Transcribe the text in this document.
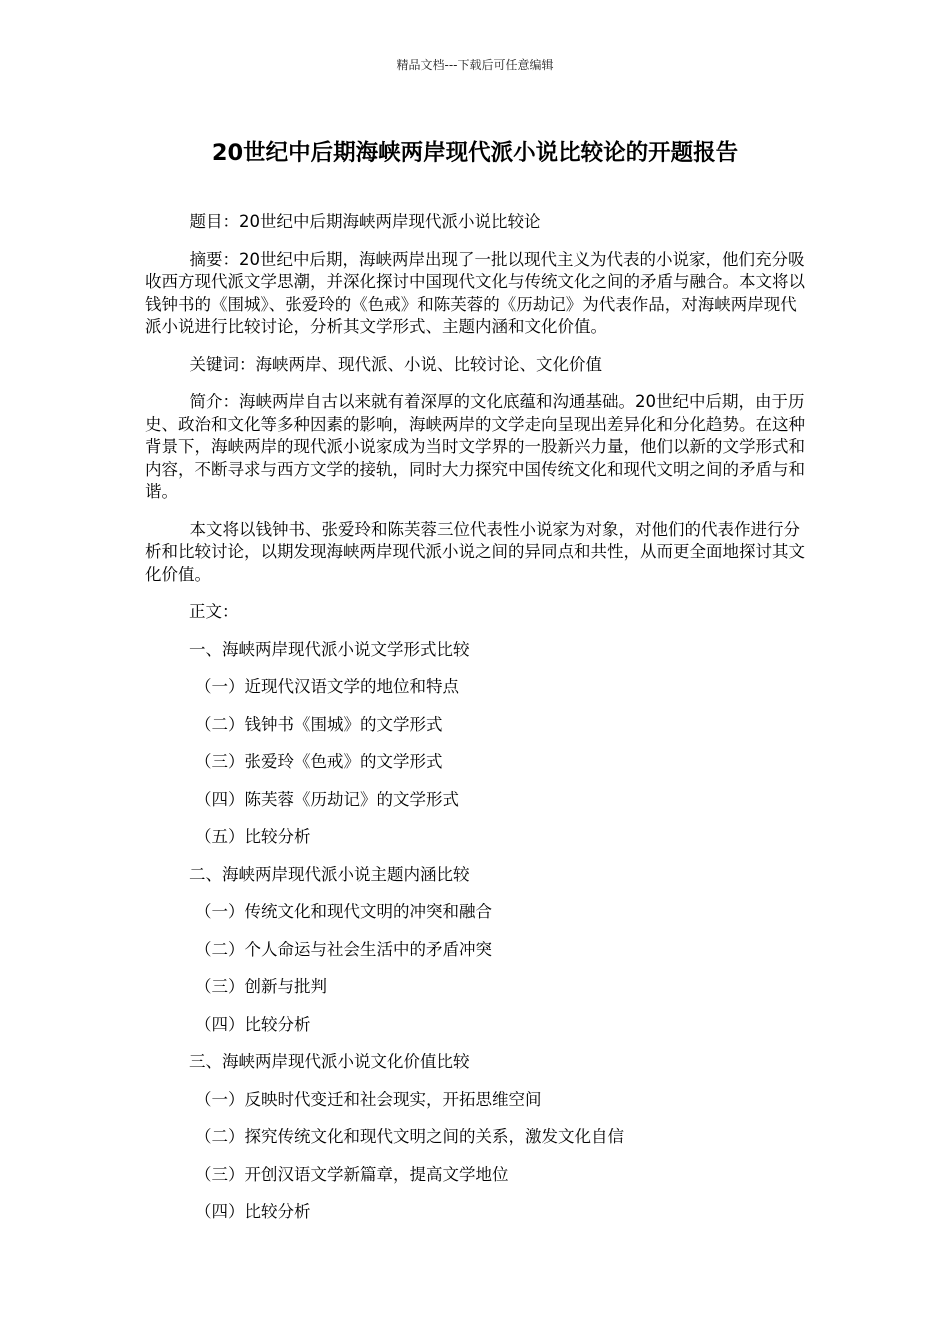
精品文档---下载后可任意编辑
20世纪中后期海峡两岸现代派小说比较论的开题报告

题目：20世纪中后期海峡两岸现代派小说比较论

摘要：20世纪中后期，海峡两岸出现了一批以现代主义为代表的小说家，他们充分吸收西方现代派文学思潮，并深化探讨中国现代文化与传统文化之间的矛盾与融合。本文将以钱钟书的《围城》、张爱玲的《色戒》和陈芙蓉的《历劫记》为代表作品，对海峡两岸现代派小说进行比较讨论，分析其文学形式、主题内涵和文化价值。

关键词：海峡两岸、现代派、小说、比较讨论、文化价值

简介：海峡两岸自古以来就有着深厚的文化底蕴和沟通基础。20世纪中后期，由于历史、政治和文化等多种因素的影响，海峡两岸的文学走向呈现出差异化和分化趋势。在这种背景下，海峡两岸的现代派小说家成为当时文学界的一股新兴力量，他们以新的文学形式和内容，不断寻求与西方文学的接轨，同时大力探究中国传统文化和现代文明之间的矛盾与和谐。

本文将以钱钟书、张爱玲和陈芙蓉三位代表性小说家为对象，对他们的代表作进行分析和比较讨论，以期发现海峡两岸现代派小说之间的异同点和共性，从而更全面地探讨其文化价值。

正文：
一、海峡两岸现代派小说文学形式比较
（一）近现代汉语文学的地位和特点
（二）钱钟书《围城》的文学形式
（三）张爱玲《色戒》的文学形式
（四）陈芙蓉《历劫记》的文学形式
（五）比较分析
二、海峡两岸现代派小说主题内涵比较
（一）传统文化和现代文明的冲突和融合
（二）个人命运与社会生活中的矛盾冲突
（三）创新与批判
（四）比较分析
三、海峡两岸现代派小说文化价值比较
（一）反映时代变迁和社会现实，开拓思维空间
（二）探究传统文化和现代文明之间的关系，激发文化自信
（三）开创汉语文学新篇章，提高文学地位
（四）比较分析
